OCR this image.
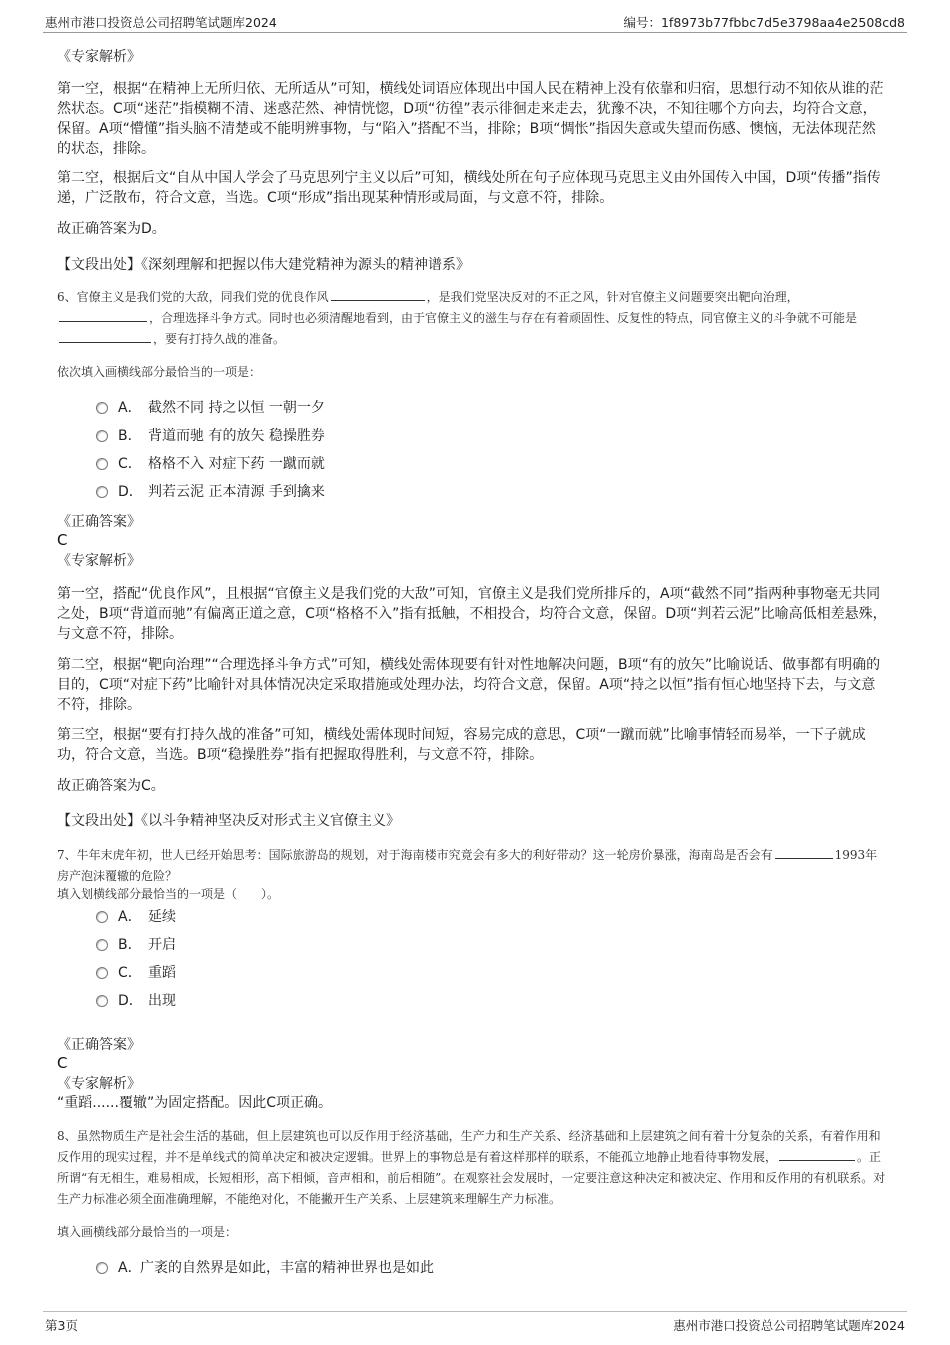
惠州市港口投资总公司招聘笔试题库2024	编号：1f8973b77fbbc7d5e3798aa4e2508cd8
《专家解析》
第一空，根据“在精神上无所归依、无所适从”可知，横线处词语应体现出中国人民在精神上没有依靠和归宿，思想行动不知依从谁的茫然状态。C项“迷茫”指模糊不清、迷惑茫然、神情恍惚，D项“彷徨”表示徘徊走来走去，犹豫不决，不知往哪个方向去，均符合文意，保留。A项“懵懂”指头脑不清楚或不能明辨事物，与“陷入”搭配不当，排除；B项“惆怅”指因失意或失望而伤感、懊恼，无法体现茫然的状态，排除。
第二空，根据后文“自从中国人学会了马克思列宁主义以后”可知，横线处所在句子应体现马克思主义由外国传入中国，D项“传播”指传递，广泛散布，符合文意，当选。C项“形成”指出现某种情形或局面，与文意不符，排除。
故正确答案为D。
【文段出处】《深刻理解和把握以伟大建党精神为源头的精神谱系》
6、官僚主义是我们党的大敌，同我们党的优良作风	，是我们党坚决反对的不正之风，针对官僚主义问题要突出靶向治理，，合理选择斗争方式。同时也必须清醒地看到，由于官僚主义的滋生与存在有着顽固性、反复性的特点，同官僚主义的斗争就不可能是，要有打持久战的准备。
依次填入画横线部分最恰当的一项是：
A． 截然不同 持之以恒 一朝一夕
B． 背道而驰 有的放矢 稳操胜券
C． 格格不入 对症下药 一蹴而就
D． 判若云泥 正本清源 手到擒来
《正确答案》
C
《专家解析》
第一空，搭配“优良作风”，且根据“官僚主义是我们党的大敌”可知，官僚主义是我们党所排斥的，A项“截然不同”指两种事物毫无共同之处，B项“背道而驰”有偏离正道之意，C项“格格不入”指有抵触，不相投合，均符合文意，保留。D项“判若云泥”比喻高低相差悬殊，与文意不符，排除。
第二空，根据“靶向治理”“合理选择斗争方式”可知，横线处需体现要有针对性地解决问题，B项“有的放矢”比喻说话、做事都有明确的目的，C项“对症下药”比喻针对具体情况决定采取措施或处理办法，均符合文意，保留。A项“持之以恒”指有恒心地坚持下去，与文意不符，排除。
第三空，根据“要有打持久战的准备”可知，横线处需体现时间短，容易完成的意思，C项“一蹴而就”比喻事情轻而易举，一下子就成功，符合文意，当选。B项“稳操胜券”指有把握取得胜利，与文意不符，排除。
故正确答案为C。
【文段出处】《以斗争精神坚决反对形式主义官僚主义》
7、牛年末虎年初，世人已经开始思考：国际旅游岛的规划，对于海南楼市究竟会有多大的利好带动？这一轮房价暴涨，海南岛是否会有	1993年房产泡沫覆辙的危险？
填入划横线部分最恰当的一项是（　　）。
A． 延续
B． 开启
C． 重蹈
D． 出现
《正确答案》
C
《专家解析》
“重蹈......覆辙”为固定搭配。因此C项正确。
8、虽然物质生产是社会生活的基础，但上层建筑也可以反作用于经济基础，生产力和生产关系、经济基础和上层建筑之间有着十分复杂的关系，有着作用和反作用的现实过程，并不是单线式的简单决定和被决定逻辑。世界上的事物总是有着这样那样的联系，不能孤立地静止地看待事物发展，	。正所谓“有无相生，难易相成，长短相形，高下相倾，音声相和，前后相随”。在观察社会发展时，一定要注意这种决定和被决定、作用和反作用的有机联系。对生产力标准必须全面准确理解，不能绝对化，不能撇开生产关系、上层建筑来理解生产力标准。
填入画横线部分最恰当的一项是：
A．
广袤的自然界是如此，丰富的精神世界也是如此
第3页	惠州市港口投资总公司招聘笔试题库2024
